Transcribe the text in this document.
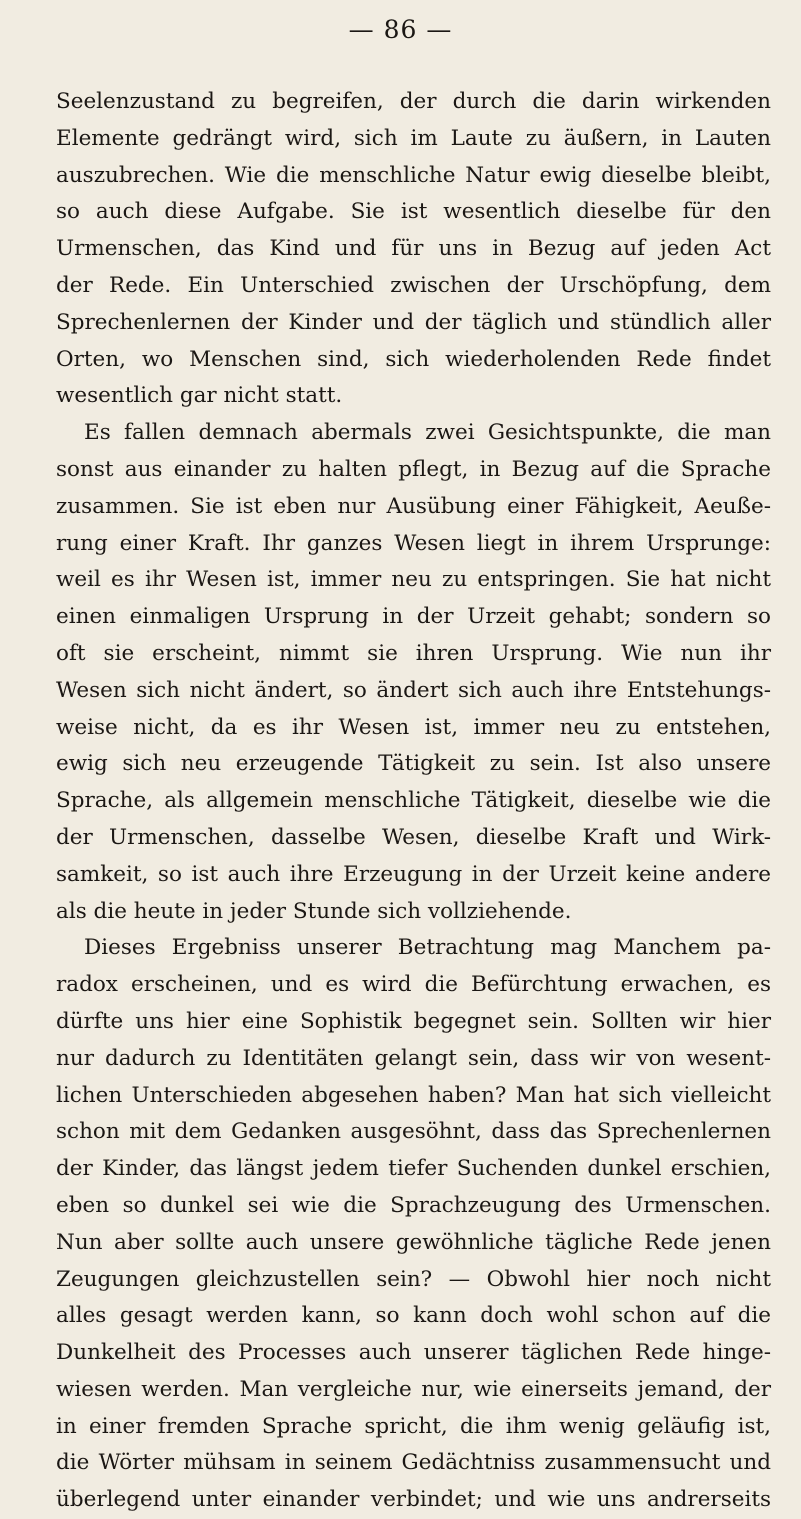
— 86 —
Seelenzustand zu begreifen, der durch die darin wirkenden
Elemente gedrängt wird, sich im Laute zu äußern, in Lauten
auszubrechen. Wie die menschliche Natur ewig dieselbe bleibt,
so auch diese Aufgabe. Sie ist wesentlich dieselbe für den
Urmenschen, das Kind und für uns in Bezug auf jeden Act
der Rede. Ein Unterschied zwischen der Urschöpfung, dem
Sprechenlernen der Kinder und der täglich und stündlich aller
Orten, wo Menschen sind, sich wiederholenden Rede findet
wesentlich gar nicht statt.
Es fallen demnach abermals zwei Gesichtspunkte, die man
sonst aus einander zu halten pflegt, in Bezug auf die Sprache
zusammen. Sie ist eben nur Ausübung einer Fähigkeit, Aeuße-
rung einer Kraft. Ihr ganzes Wesen liegt in ihrem Ursprunge:
weil es ihr Wesen ist, immer neu zu entspringen. Sie hat nicht
einen einmaligen Ursprung in der Urzeit gehabt; sondern so
oft sie erscheint, nimmt sie ihren Ursprung. Wie nun ihr
Wesen sich nicht ändert, so ändert sich auch ihre Entstehungs-
weise nicht, da es ihr Wesen ist, immer neu zu entstehen,
ewig sich neu erzeugende Tätigkeit zu sein. Ist also unsere
Sprache, als allgemein menschliche Tätigkeit, dieselbe wie die
der Urmenschen, dasselbe Wesen, dieselbe Kraft und Wirk-
samkeit, so ist auch ihre Erzeugung in der Urzeit keine andere
als die heute in jeder Stunde sich vollziehende.
Dieses Ergebniss unserer Betrachtung mag Manchem pa-
radox erscheinen, und es wird die Befürchtung erwachen, es
dürfte uns hier eine Sophistik begegnet sein. Sollten wir hier
nur dadurch zu Identitäten gelangt sein, dass wir von wesent-
lichen Unterschieden abgesehen haben? Man hat sich vielleicht
schon mit dem Gedanken ausgesöhnt, dass das Sprechenlernen
der Kinder, das längst jedem tiefer Suchenden dunkel erschien,
eben so dunkel sei wie die Sprachzeugung des Urmenschen.
Nun aber sollte auch unsere gewöhnliche tägliche Rede jenen
Zeugungen gleichzustellen sein? — Obwohl hier noch nicht
alles gesagt werden kann, so kann doch wohl schon auf die
Dunkelheit des Processes auch unserer täglichen Rede hinge-
wiesen werden. Man vergleiche nur, wie einerseits jemand, der
in einer fremden Sprache spricht, die ihm wenig geläufig ist,
die Wörter mühsam in seinem Gedächtniss zusammensucht und
überlegend unter einander verbindet; und wie uns andrerseits
